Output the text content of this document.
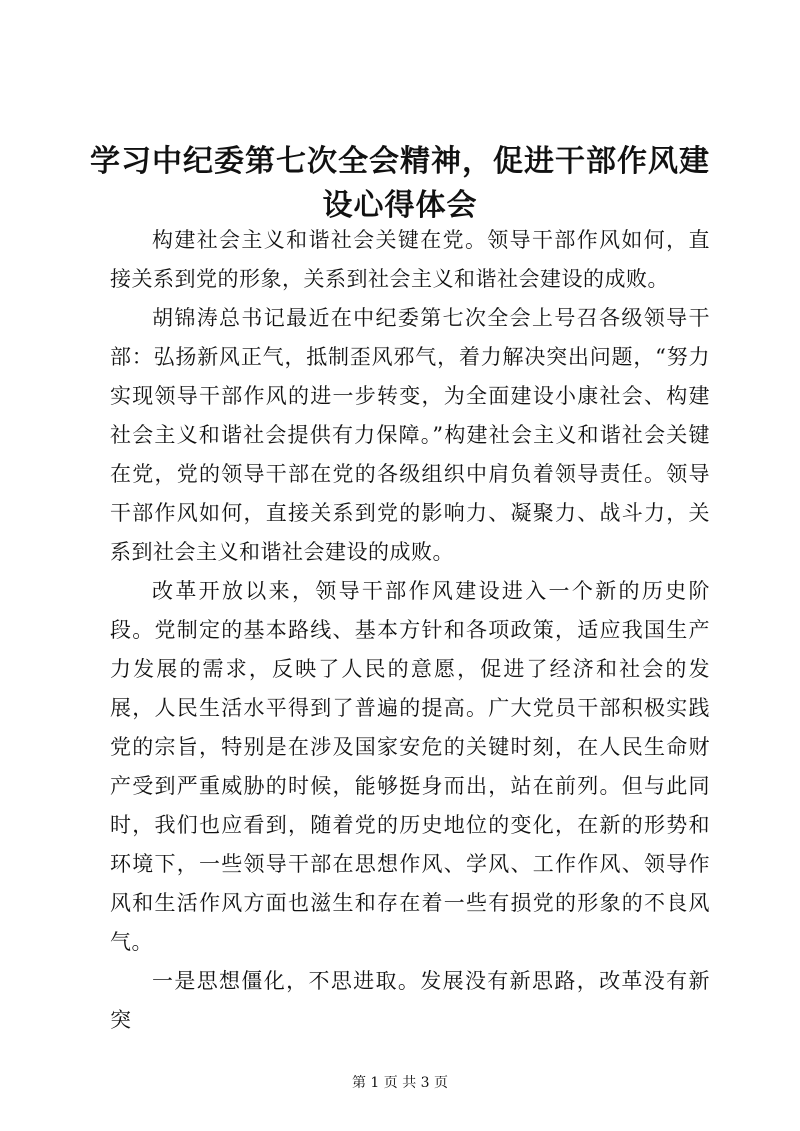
学习中纪委第七次全会精神，促进干部作风建设心得体会

构建社会主义和谐社会关键在党。领导干部作风如何，直接关系到党的形象，关系到社会主义和谐社会建设的成败。

胡锦涛总书记最近在中纪委第七次全会上号召各级领导干部：弘扬新风正气，抵制歪风邪气，着力解决突出问题，“努力实现领导干部作风的进一步转变，为全面建设小康社会、构建社会主义和谐社会提供有力保障。”构建社会主义和谐社会关键在党，党的领导干部在党的各级组织中肩负着领导责任。领导干部作风如何，直接关系到党的影响力、凝聚力、战斗力，关系到社会主义和谐社会建设的成败。

改革开放以来，领导干部作风建设进入一个新的历史阶段。党制定的基本路线、基本方针和各项政策，适应我国生产力发展的需求，反映了人民的意愿，促进了经济和社会的发展，人民生活水平得到了普遍的提高。广大党员干部积极实践党的宗旨，特别是在涉及国家安危的关键时刻，在人民生命财产受到严重威胁的时候，能够挺身而出，站在前列。但与此同时，我们也应看到，随着党的历史地位的变化，在新的形势和环境下，一些领导干部在思想作风、学风、工作作风、领导作风和生活作风方面也滋生和存在着一些有损党的形象的不良风气。

一是思想僵化，不思进取。发展没有新思路，改革没有新突

第 1 页 共 3 页
